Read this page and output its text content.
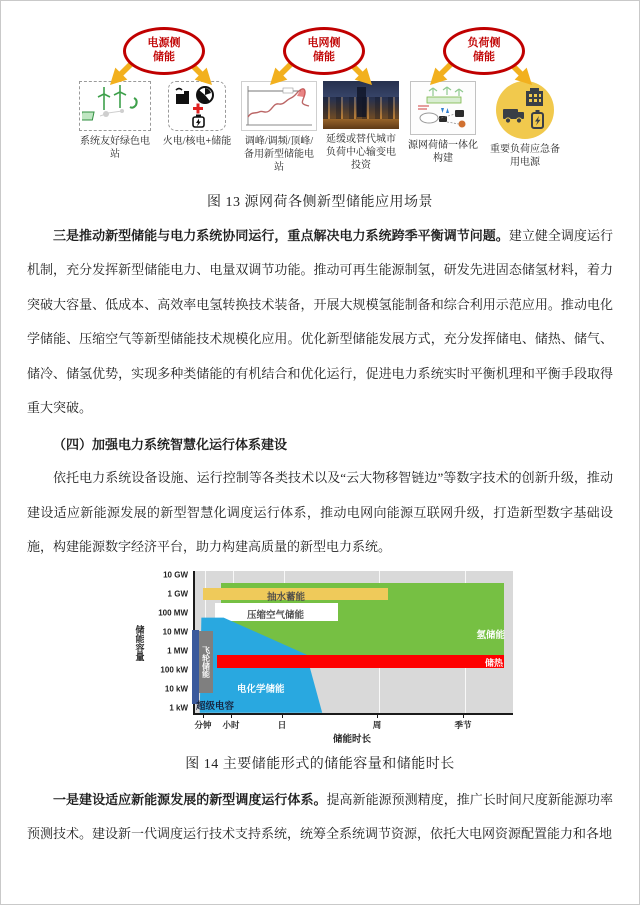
电源侧
储能
电网侧
储能
负荷侧
储能
系统友好绿色电站
火电/核电+储能	调峰/调频/顶峰/备用新型储能电站
延缓或替代城市负荷中心输变电投资
源网荷储一体化构建
重要负荷应急备用电源
图 13 源网荷各侧新型储能应用场景

三是推动新型储能与电力系统协同运行，重点解决电力系统跨季平衡调节问题。建立健全调度运行机制，充分发挥新型储能电力、电量双调节功能。推动可再生能源制氢，研发先进固态储氢材料，着力突破大容量、低成本、高效率电氢转换技术装备，开展大规模氢能制备和综合利用示范应用。推动电化学储能、压缩空气等新型储能技术规模化应用。优化新型储能发展方式，充分发挥储电、储热、储气、储冷、储氢优势，实现多种类储能的有机结合和优化运行，促进电力系统实时平衡机理和平衡手段取得重大突破。

（四）加强电力系统智慧化运行体系建设

依托电力系统设备设施、运行控制等各类技术以及“云大物移智链边”等数字技术的创新升级，推动建设适应新能源发展的新型智慧化调度运行体系，推动电网向能源互联网升级，打造新型数字基础设施，构建能源数字经济平台，助力构建高质量的新型电力系统。

储能容量
10 GW
1 GW
100 MW
10 MW
1 MW
100 kW
10 kW
1 kW
飞轮储能
抽水蓄能
压缩空气储能
氢储能
储热
电化学储能
超级电容
分钟 小时	日	周	季节
储能时长
图 14 主要储能形式的储能容量和储能时长

一是建设适应新能源发展的新型调度运行体系。提高新能源预测精度，推广长时间尺度新能源功率预测技术。建设新一代调度运行技术支持系统，统筹全系统调节资源，依托大电网资源配置能力和各地
